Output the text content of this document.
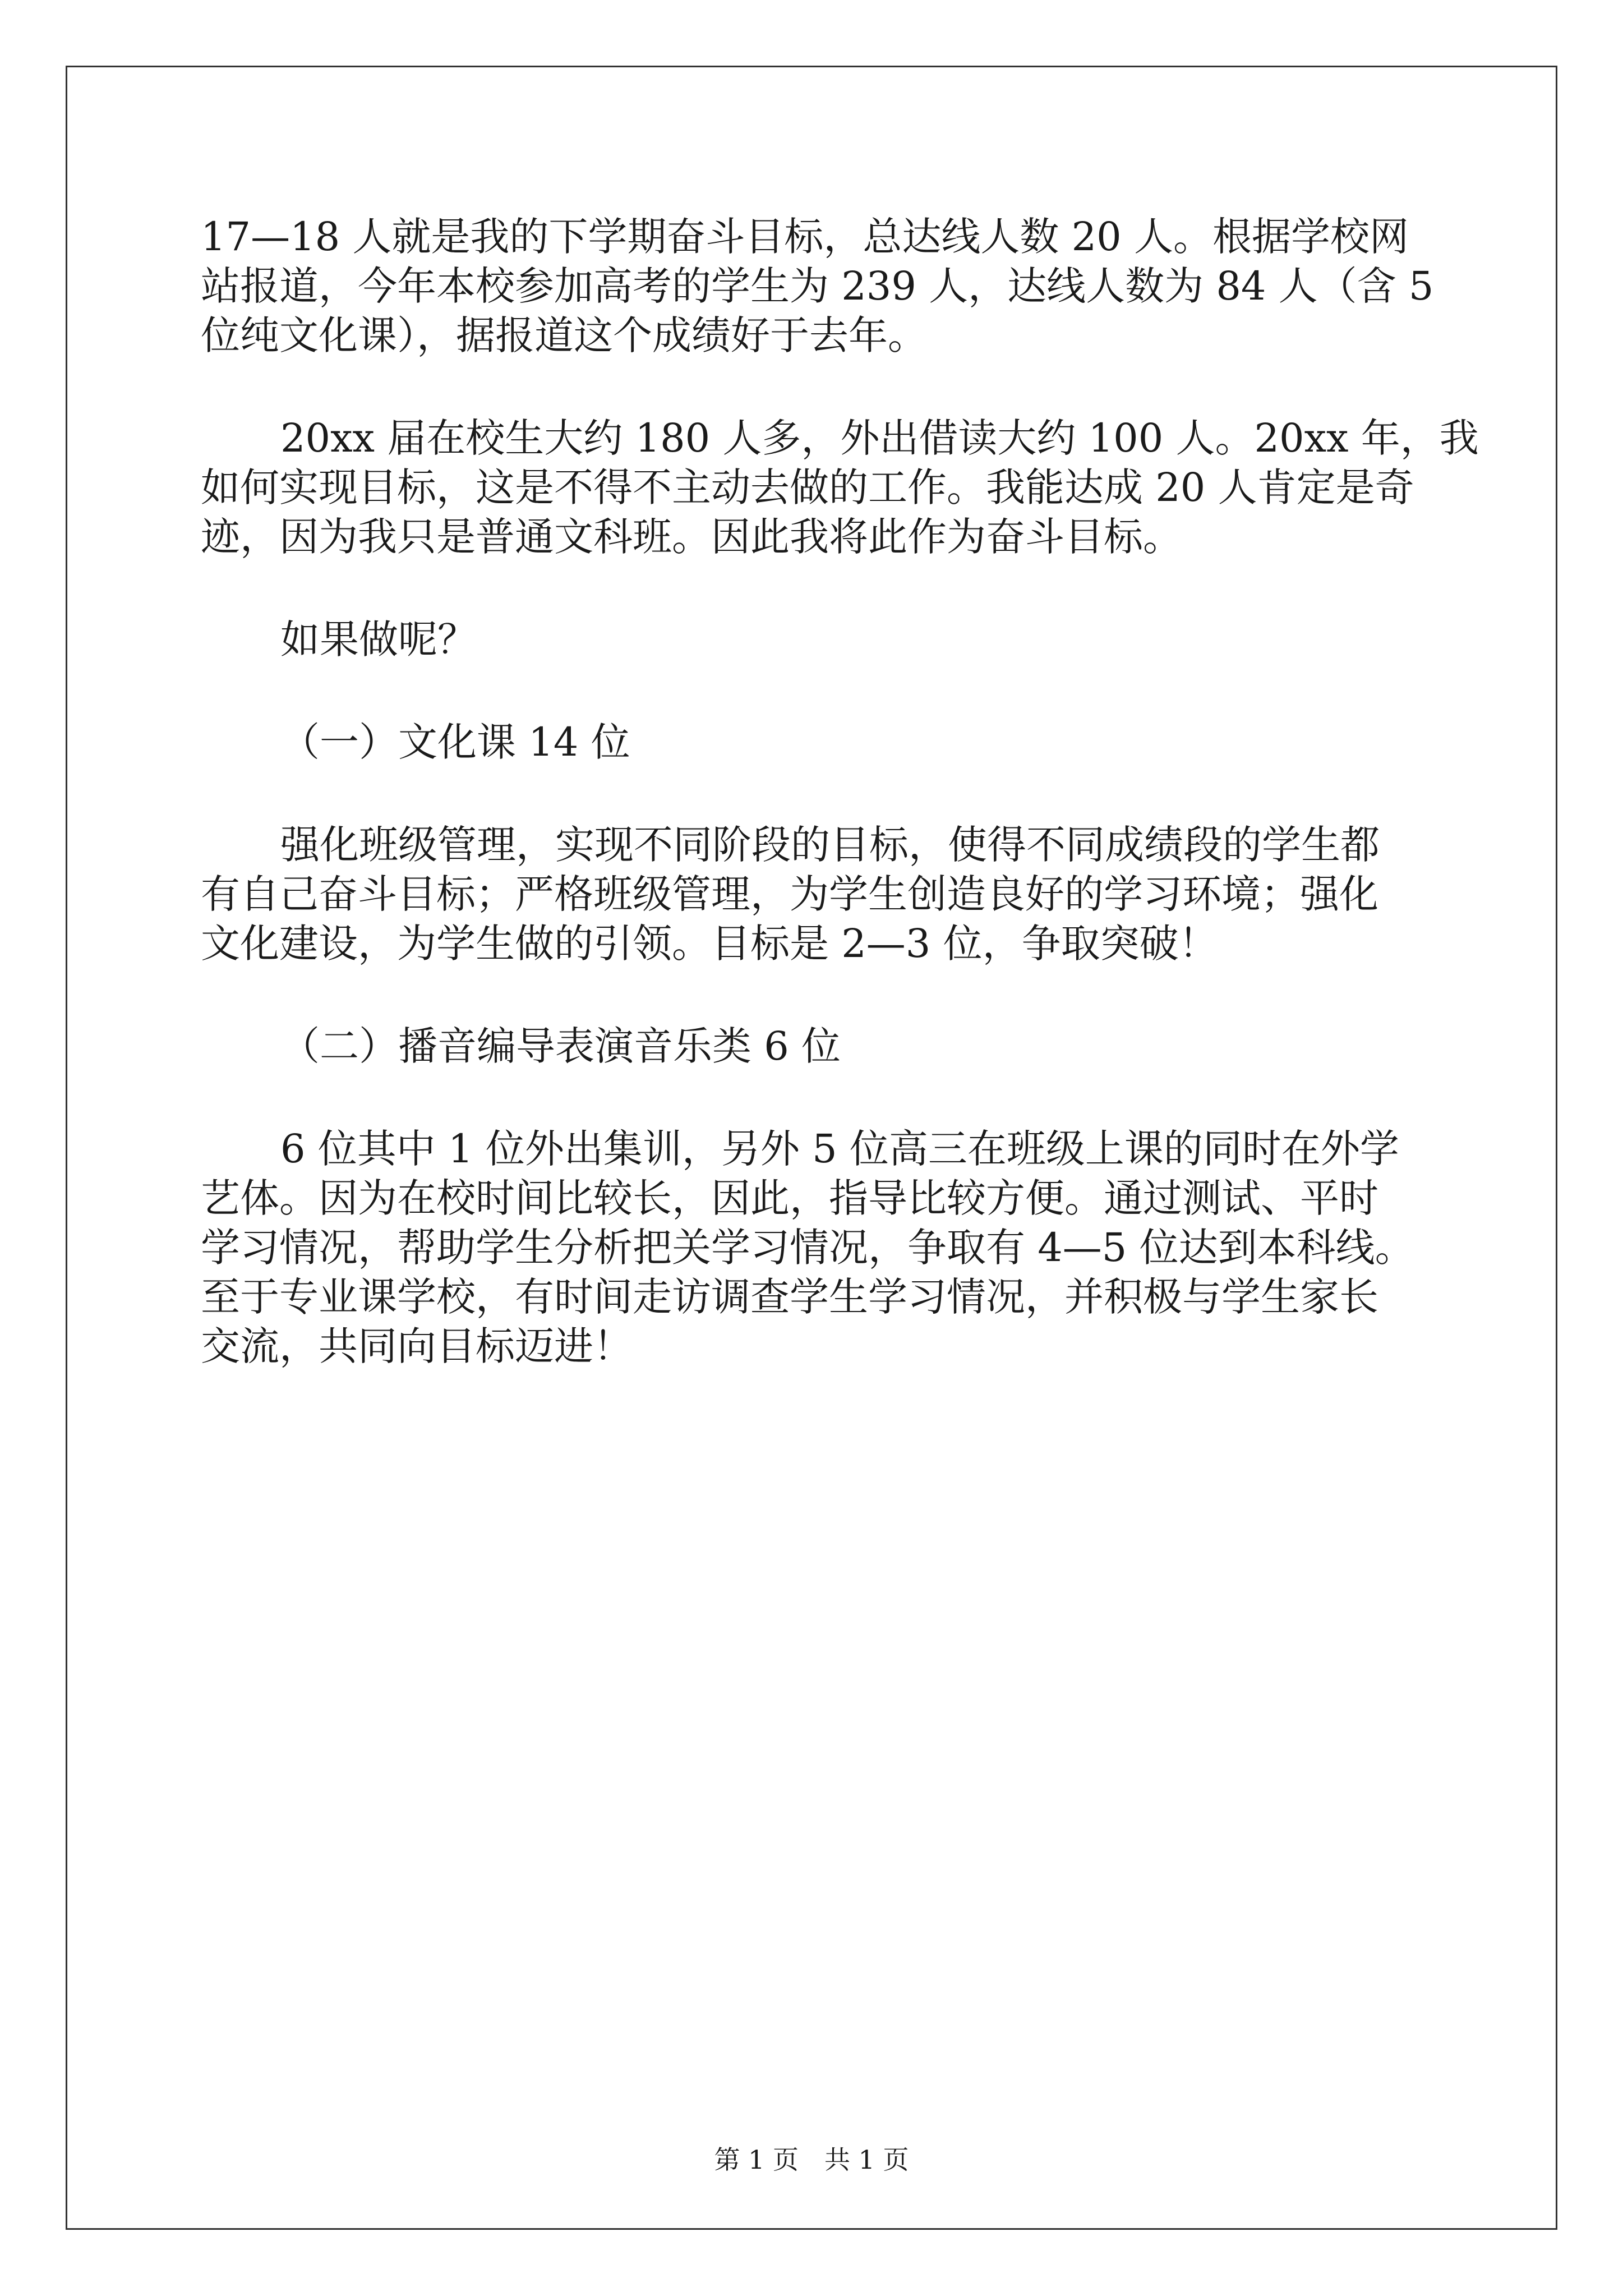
17—18 人就是我的下学期奋斗目标，总达线人数 20 人。根据学校网

站报道，今年本校参加高考的学生为 239 人，达线人数为 84 人（含 5

位纯文化课），据报道这个成绩好于去年。

20xx 届在校生大约 180 人多，外出借读大约 100 人。20xx 年，我

如何实现目标，这是不得不主动去做的工作。我能达成 20 人肯定是奇

迹，因为我只是普通文科班。因此我将此作为奋斗目标。

如果做呢？

（一）文化课 14 位

强化班级管理，实现不同阶段的目标，使得不同成绩段的学生都

有自己奋斗目标；严格班级管理，为学生创造良好的学习环境；强化

文化建设，为学生做的引领。目标是 2—3 位，争取突破！

（二）播音编导表演音乐类 6 位

6 位其中 1 位外出集训，另外 5 位高三在班级上课的同时在外学

艺体。因为在校时间比较长，因此，指导比较方便。通过测试、平时

学习情况，帮助学生分析把关学习情况，争取有 4—5 位达到本科线。

至于专业课学校，有时间走访调查学生学习情况，并积极与学生家长

交流，共同向目标迈进！

第 1 页　共 1 页
